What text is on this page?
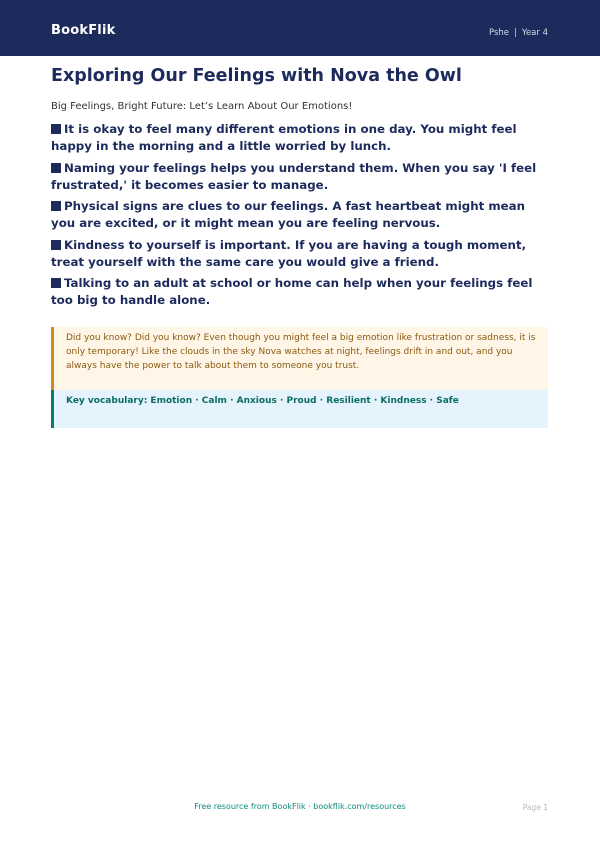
BookFlik	Pshe | Year 4
Exploring Our Feelings with Nova the Owl
Big Feelings, Bright Future: Let’s Learn About Our Emotions!
It is okay to feel many different emotions in one day. You might feel happy in the morning and a little worried by lunch.
Naming your feelings helps you understand them. When you say 'I feel frustrated,' it becomes easier to manage.
Physical signs are clues to our feelings. A fast heartbeat might mean you are excited, or it might mean you are feeling nervous.
Kindness to yourself is important. If you are having a tough moment, treat yourself with the same care you would give a friend.
Talking to an adult at school or home can help when your feelings feel too big to handle alone.
Did you know? Did you know? Even though you might feel a big emotion like frustration or sadness, it is only temporary! Like the clouds in the sky Nova watches at night, feelings drift in and out, and you always have the power to talk about them to someone you trust.
Key vocabulary: Emotion · Calm · Anxious · Proud · Resilient · Kindness · Safe
Free resource from BookFlik · bookflik.com/resources	Page 1
